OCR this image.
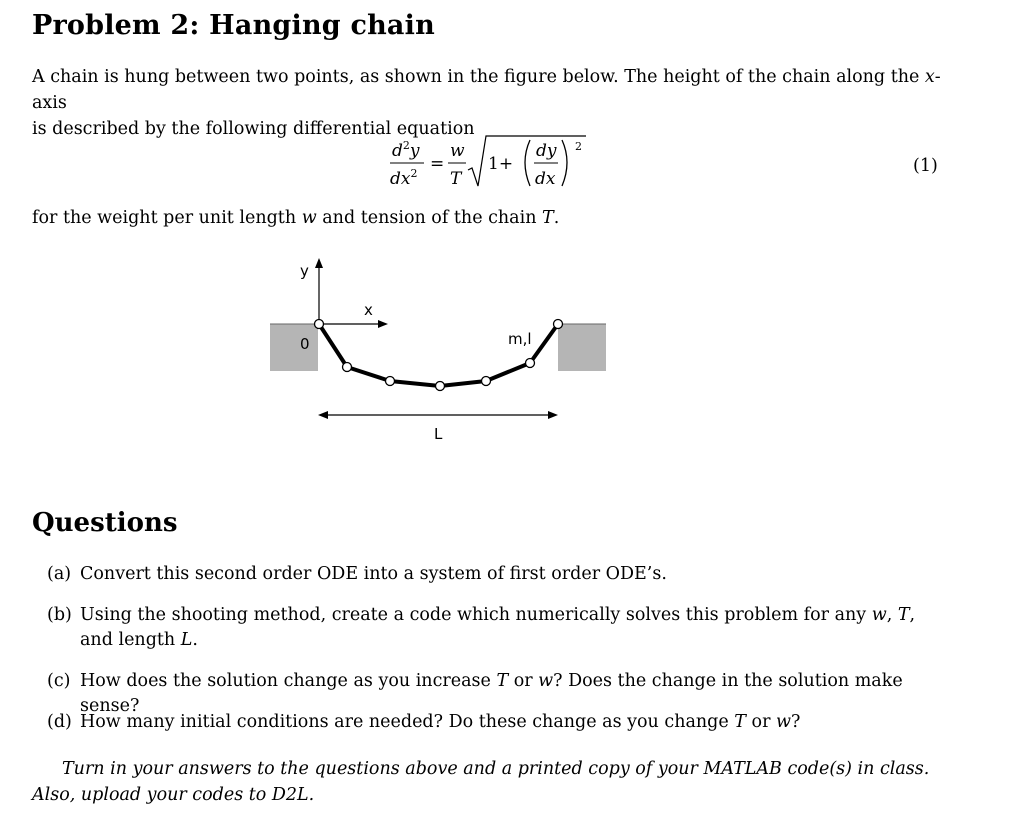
Problem 2: Hanging chain
A chain is hung between two points, as shown in the figure below. The height of the chain along the x-axis
is described by the following differential equation
$d^2y$
$dx^2$ =
w
T
1+
dy
dx
2
(1)
for the weight per unit length w and tension of the chain T.
y
x
0	m,l
L
Questions
(a) Convert this second order ODE into a system of first order ODE’s.
(b) Using the shooting method, create a code which numerically solves this problem for any w, T, and length L.
(c) How does the solution change as you increase T or w? Does the change in the solution make sense?
(d) How many initial conditions are needed? Do these change as you change T or w?
Turn in your answers to the questions above and a printed copy of your MATLAB code(s) in class. Also, upload your codes to D2L.
